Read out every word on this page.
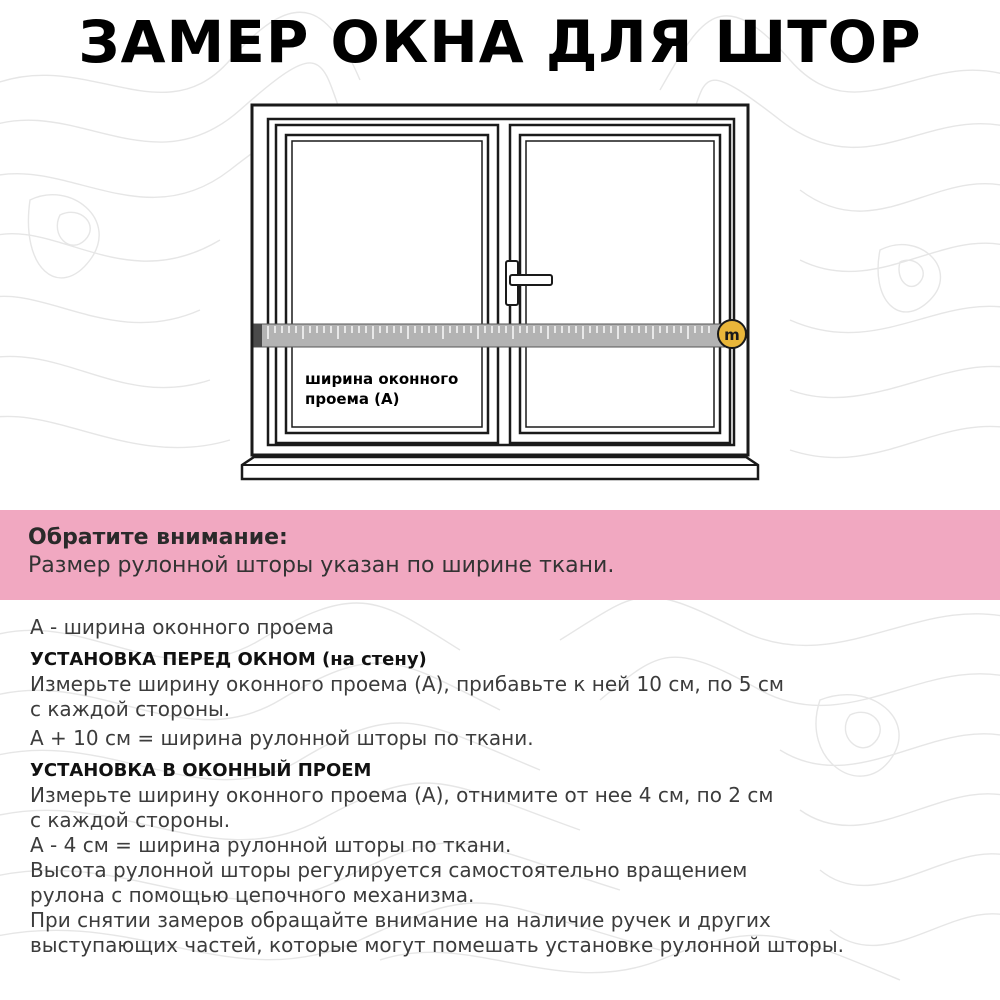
ЗАМЕР ОКНА ДЛЯ ШТОР
m
ширина оконного
проема (А)
Обратите внимание:
Размер рулонной шторы указан по ширине ткани.
А - ширина оконного проема
УСТАНОВКА ПЕРЕД ОКНОМ (на стену)
Измерьте ширину оконного проема (А), прибавьте к ней 10 см, по 5 см
с каждой стороны.
А + 10 см = ширина рулонной шторы по ткани.
УСТАНОВКА В ОКОННЫЙ ПРОЕМ
Измерьте ширину оконного проема (А), отнимите от нее 4 см, по 2 см
с каждой стороны.
А - 4 см = ширина рулонной шторы по ткани.
Высота рулонной шторы регулируется самостоятельно вращением
рулона с помощью цепочного механизма.
При снятии замеров обращайте внимание на наличие ручек и других
выступающих частей, которые могут помешать установке рулонной шторы.
